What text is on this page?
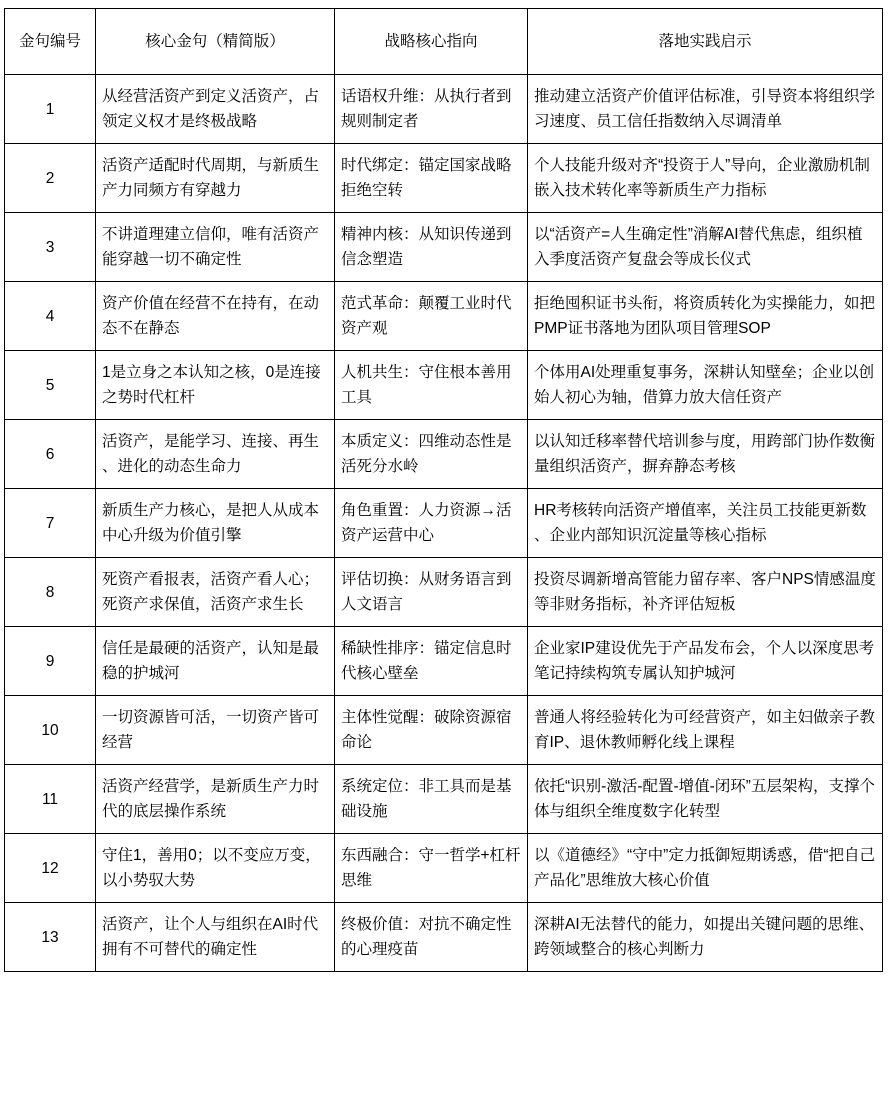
金句编号	核心金句（精简版）	战略核心指向	落地实践启示
1	从经营活资产到定义活资产，占领定义权才是终极战略	话语权升维：从执行者到规则制定者	推动建立活资产价值评估标准，引导资本将组织学习速度、员工信任指数纳入尽调清单
2	活资产适配时代周期，与新质生产力同频方有穿越力	时代绑定：锚定国家战略拒绝空转	个人技能升级对齐“投资于人”导向，企业激励机制嵌入技术转化率等新质生产力指标
3	不讲道理建立信仰，唯有活资产能穿越一切不确定性	精神内核：从知识传递到信念塑造	以“活资产=人生确定性”消解AI替代焦虑，组织植入季度活资产复盘会等成长仪式
4	资产价值在经营不在持有，在动态不在静态	范式革命：颠覆工业时代资产观	拒绝囤积证书头衔，将资质转化为实操能力，如把PMP证书落地为团队项目管理SOP
5	1是立身之本认知之核，0是连接之势时代杠杆	人机共生：守住根本善用工具	个体用AI处理重复事务，深耕认知壁垒；企业以创始人初心为轴，借算力放大信任资产
6	活资产，是能学习、连接、再生、进化的动态生命力	本质定义：四维动态性是活死分水岭	以认知迁移率替代培训参与度，用跨部门协作数衡量组织活资产，摒弃静态考核
7	新质生产力核心，是把人从成本中心升级为价值引擎	角色重置：人力资源→活资产运营中心	HR考核转向活资产增值率，关注员工技能更新数、企业内部知识沉淀量等核心指标
8	死资产看报表，活资产看人心；死资产求保值，活资产求生长	评估切换：从财务语言到人文语言	投资尽调新增高管能力留存率、客户NPS情感温度等非财务指标，补齐评估短板
9	信任是最硬的活资产，认知是最稳的护城河	稀缺性排序：锚定信息时代核心壁垒	企业家IP建设优先于产品发布会，个人以深度思考笔记持续构筑专属认知护城河
10	一切资源皆可活，一切资产皆可经营	主体性觉醒：破除资源宿命论	普通人将经验转化为可经营资产，如主妇做亲子教育IP、退休教师孵化线上课程
11	活资产经营学，是新质生产力时代的底层操作系统	系统定位：非工具而是基础设施	依托“识别-激活-配置-增值-闭环”五层架构，支撑个体与组织全维度数字化转型
12	守住1，善用0；以不变应万变，以小势驭大势	东西融合：守一哲学+杠杆思维	以《道德经》“守中”定力抵御短期诱惑，借“把自己产品化”思维放大核心价值
13	活资产，让个人与组织在AI时代拥有不可替代的确定性	终极价值：对抗不确定性的心理疫苗	深耕AI无法替代的能力，如提出关键问题的思维、跨领域整合的核心判断力
